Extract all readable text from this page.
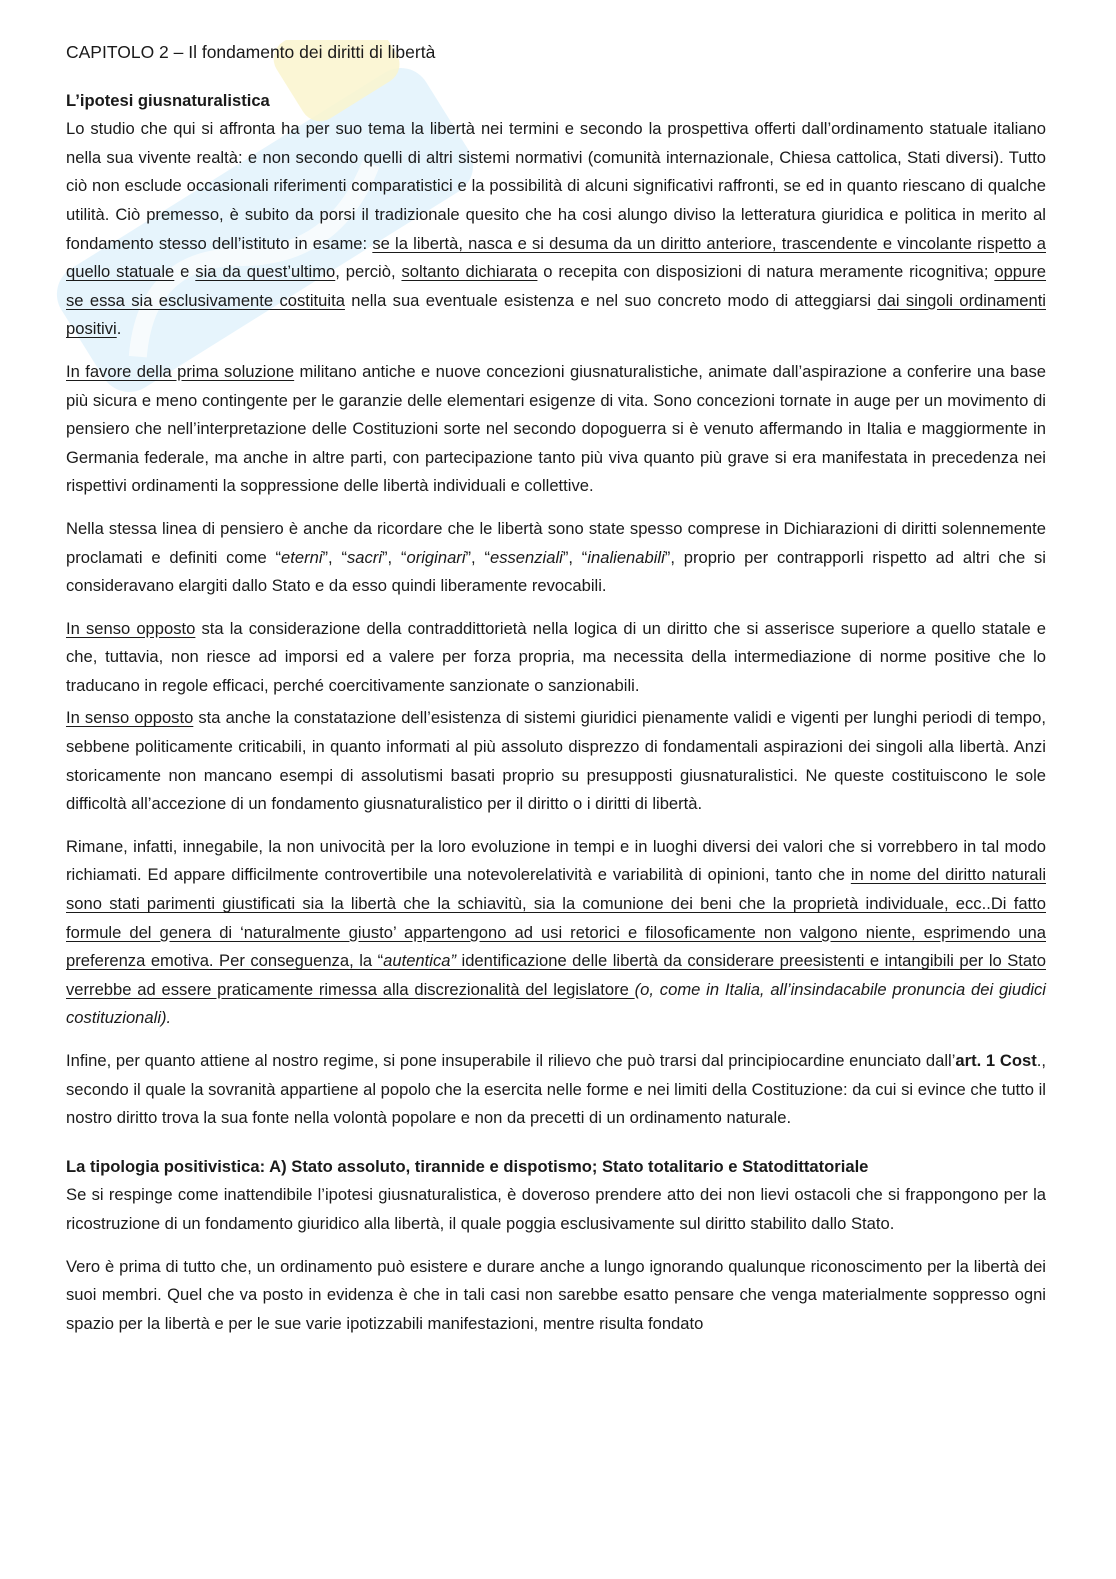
CAPITOLO 2 – Il fondamento dei diritti di libertà
L’ipotesi giusnaturalistica

Lo studio che qui si affronta ha per suo tema la libertà nei termini e secondo la prospettiva offerti dall’ordinamento statuale italiano nella sua vivente realtà: e non secondo quelli di altri sistemi normativi (comunità internazionale, Chiesa cattolica, Stati diversi). Tutto ciò non esclude occasionali riferimenti comparatistici e la possibilità di alcuni significativi raffronti, se ed in quanto riescano di qualche utilità. Ciò premesso, è subito da porsi il tradizionale quesito che ha cosi alungo diviso la letteratura giuridica e politica in merito al fondamento stesso dell’istituto in esame: se la libertà, nasca e si desuma da un diritto anteriore, trascendente e vincolante rispetto a quello statuale e sia da quest’ultimo, perciò, soltanto dichiarata o recepita con disposizioni di natura meramente ricognitiva; oppure se essa sia esclusivamente costituita nella sua eventuale esistenza e nel suo concreto modo di atteggiarsi dai singoli ordinamenti positivi.

In favore della prima soluzione militano antiche e nuove concezioni giusnaturalistiche, animate dall’aspirazione a conferire una base più sicura e meno contingente per le garanzie delle elementari esigenze di vita. Sono concezioni tornate in auge per un movimento di pensiero che nell’interpretazione delle Costituzioni sorte nel secondo dopoguerra si è venuto affermando in Italia e maggiormente in Germania federale, ma anche in altre parti, con partecipazione tanto più viva quanto più grave si era manifestata in precedenza nei rispettivi ordinamenti la soppressione delle libertà individuali e collettive.

Nella stessa linea di pensiero è anche da ricordare che le libertà sono state spesso comprese in Dichiarazioni di diritti solennemente proclamati e definiti come “eterni”, “sacri”, “originari”, “essenziali”, “inalienabili”, proprio per contrapporli rispetto ad altri che si consideravano elargiti dallo Stato e da esso quindi liberamente revocabili.

In senso opposto sta la considerazione della contraddittorietà nella logica di un diritto che si asserisce superiore a quello statale e che, tuttavia, non riesce ad imporsi ed a valere per forza propria, ma necessita della intermediazione di norme positive che lo traducano in regole efficaci, perché coercitivamente sanzionate o sanzionabili.

In senso opposto sta anche la constatazione dell’esistenza di sistemi giuridici pienamente validi e vigenti per lunghi periodi di tempo, sebbene politicamente criticabili, in quanto informati al più assoluto disprezzo di fondamentali aspirazioni dei singoli alla libertà. Anzi storicamente non mancano esempi di assolutismi basati proprio su presupposti giusnaturalistici. Ne queste costituiscono le sole difficoltà all’accezione di un fondamento giusnaturalistico per il diritto o i diritti di libertà.

Rimane, infatti, innegabile, la non univocità per la loro evoluzione in tempi e in luoghi diversi dei valori che si vorrebbero in tal modo richiamati. Ed appare difficilmente controvertibile una notevolerelatività e variabilità di opinioni, tanto che in nome del diritto naturali sono stati parimenti giustificati sia la libertà che la schiavitù, sia la comunione dei beni che la proprietà individuale, ecc..Di fatto formule del genera di ‘naturalmente giusto’ appartengono ad usi retorici e filosoficamente non valgono niente, esprimendo una preferenza emotiva. Per conseguenza, la “autentica” identificazione delle libertà da considerare preesistenti e intangibili per lo Stato verrebbe ad essere praticamente rimessa alla discrezionalità del legislatore (o, come in Italia, all’insindacabile pronuncia dei giudici costituzionali).

Infine, per quanto attiene al nostro regime, si pone insuperabile il rilievo che può trarsi dal principiocardine enunciato dall’art. 1 Cost., secondo il quale la sovranità appartiene al popolo che la esercita nelle forme e nei limiti della Costituzione: da cui si evince che tutto il nostro diritto trova la sua fonte nella volontà popolare e non da precetti di un ordinamento naturale.

La tipologia positivistica: A) Stato assoluto, tirannide e dispotismo; Stato totalitario e Statodittatoriale

Se si respinge come inattendibile l’ipotesi giusnaturalistica, è doveroso prendere atto dei non lievi ostacoli che si frappongono per la ricostruzione di un fondamento giuridico alla libertà, il quale poggia esclusivamente sul diritto stabilito dallo Stato.

Vero è prima di tutto che, un ordinamento può esistere e durare anche a lungo ignorando qualunque riconoscimento per la libertà dei suoi membri. Quel che va posto in evidenza è che in tali casi non sarebbe esatto pensare che venga materialmente soppresso ogni spazio per la libertà e per le sue varie ipotizzabili manifestazioni, mentre risulta fondato
